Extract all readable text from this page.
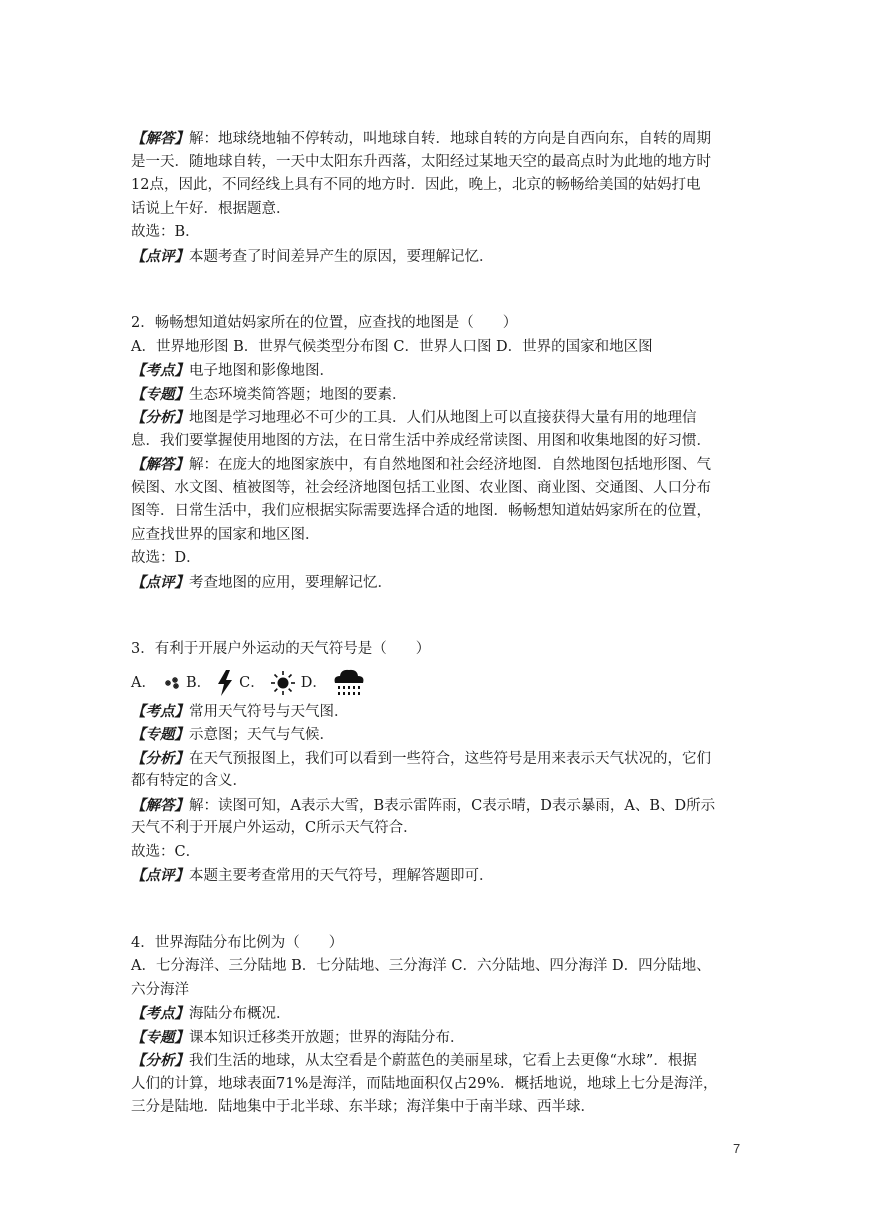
【解答】解：地球绕地轴不停转动，叫地球自转．地球自转的方向是自西向东，自转的周期
是一天．随地球自转，一天中太阳东升西落，太阳经过某地天空的最高点时为此地的地方时
12点，因此，不同经线上具有不同的地方时．因此，晚上，北京的畅畅给美国的姑妈打电
话说上午好．根据题意．
故选：B．
【点评】本题考查了时间差异产生的原因，要理解记忆．
2．畅畅想知道姑妈家所在的位置，应查找的地图是（　　）
A．世界地形图 B．世界气候类型分布图 C．世界人口图 D．世界的国家和地区图
【考点】电子地图和影像地图．
【专题】生态环境类简答题；地图的要素．
【分析】地图是学习地理必不可少的工具．人们从地图上可以直接获得大量有用的地理信
息．我们要掌握使用地图的方法，在日常生活中养成经常读图、用图和收集地图的好习惯．
【解答】解：在庞大的地图家族中，有自然地图和社会经济地图．自然地图包括地形图、气
候图、水文图、植被图等，社会经济地图包括工业图、农业图、商业图、交通图、人口分布
图等．日常生活中，我们应根据实际需要选择合适的地图．畅畅想知道姑妈家所在的位置，
应查找世界的国家和地区图．
故选：D．
【点评】考查地图的应用，要理解记忆．
3．有利于开展户外运动的天气符号是（　　）
A． B． C． D．
【考点】常用天气符号与天气图．
【专题】示意图；天气与气候．
【分析】在天气预报图上，我们可以看到一些符合，这些符号是用来表示天气状况的，它们
都有特定的含义．
【解答】解：读图可知，A表示大雪，B表示雷阵雨，C表示晴，D表示暴雨，A、B、D所示
天气不利于开展户外运动，C所示天气符合．
故选：C．
【点评】本题主要考查常用的天气符号，理解答题即可．
4．世界海陆分布比例为（　　）
A．七分海洋、三分陆地 B．七分陆地、三分海洋 C．六分陆地、四分海洋 D．四分陆地、
六分海洋
【考点】海陆分布概况．
【专题】课本知识迁移类开放题；世界的海陆分布．
【分析】我们生活的地球，从太空看是个蔚蓝色的美丽星球，它看上去更像“水球”．根据
人们的计算，地球表面71%是海洋，而陆地面积仅占29%．概括地说，地球上七分是海洋，
三分是陆地．陆地集中于北半球、东半球；海洋集中于南半球、西半球．
7
